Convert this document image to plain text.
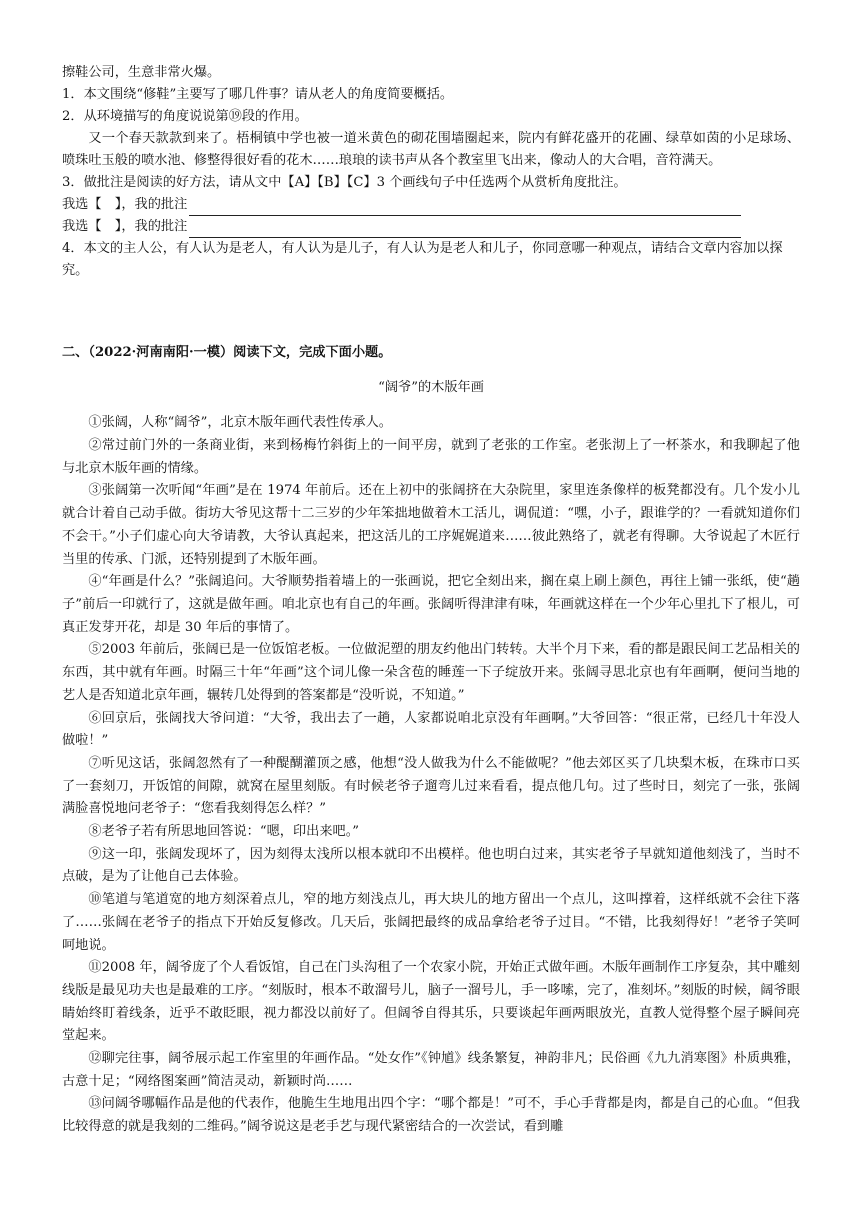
擦鞋公司，生意非常火爆。

1．本文围绕“修鞋”主要写了哪几件事？请从老人的角度简要概括。

2．从环境描写的角度说说第⑲段的作用。

又一个春天款款到来了。梧桐镇中学也被一道米黄色的砌花围墙圈起来，院内有鲜花盛开的花圃、绿草如茵的小足球场、喷珠吐玉般的喷水池、修整得很好看的花木……琅琅的读书声从各个教室里飞出来，像动人的大合唱，音符满天。

3．做批注是阅读的好方法，请从文中【A】【B】【C】3 个画线句子中任选两个从赏析角度批注。

我选【　】，我的批注
我选【　】，我的批注

4．本文的主人公，有人认为是老人，有人认为是儿子，有人认为是老人和儿子，你同意哪一种观点，请结合文章内容加以探究。

二、（2022·河南南阳·一模）阅读下文，完成下面小题。

“阔爷”的木版年画

①张阔，人称“阔爷”，北京木版年画代表性传承人。

②常过前门外的一条商业街，来到杨梅竹斜街上的一间平房，就到了老张的工作室。老张沏上了一杯茶水，和我聊起了他与北京木版年画的情缘。

③张阔第一次听闻“年画”是在 1974 年前后。还在上初中的张阔挤在大杂院里，家里连条像样的板凳都没有。几个发小儿就合计着自己动手做。街坊大爷见这帮十二三岁的少年笨拙地做着木工活儿，调侃道：“嘿，小子，跟谁学的？一看就知道你们不会干。”小子们虚心向大爷请教，大爷认真起来，把这活儿的工序娓娓道来……彼此熟络了，就老有得聊。大爷说起了木匠行当里的传承、门派，还特别提到了木版年画。

④“年画是什么？”张阔追问。大爷顺势指着墙上的一张画说，把它全刻出来，搁在桌上刷上颜色，再往上铺一张纸，使“趟子”前后一印就行了，这就是做年画。咱北京也有自己的年画。张阔听得津津有味，年画就这样在一个少年心里扎下了根儿，可真正发芽开花，却是 30 年后的事情了。

⑤2003 年前后，张阔已是一位饭馆老板。一位做泥塑的朋友约他出门转转。大半个月下来，看的都是跟民间工艺品相关的东西，其中就有年画。时隔三十年“年画”这个词儿像一朵含苞的睡莲一下子绽放开来。张阔寻思北京也有年画啊，便问当地的艺人是否知道北京年画，辗转几处得到的答案都是“没听说，不知道。”

⑥回京后，张阔找大爷问道：“大爷，我出去了一趟，人家都说咱北京没有年画啊。”大爷回答：“很正常，已经几十年没人做啦！”

⑦听见这话，张阔忽然有了一种醍醐灌顶之感，他想“没人做我为什么不能做呢？”他去郊区买了几块梨木板，在珠市口买了一套刻刀，开饭馆的间隙，就窝在屋里刻版。有时候老爷子遛弯儿过来看看，提点他几句。过了些时日，刻完了一张，张阔满脸喜悦地问老爷子：“您看我刻得怎么样？”

⑧老爷子若有所思地回答说：“嗯，印出来吧。”

⑨这一印，张阔发现坏了，因为刻得太浅所以根本就印不出模样。他也明白过来，其实老爷子早就知道他刻浅了，当时不点破，是为了让他自己去体验。

⑩笔道与笔道宽的地方刻深着点儿，窄的地方刻浅点儿，再大块儿的地方留出一个点儿，这叫撑着，这样纸就不会往下落了……张阔在老爷子的指点下开始反复修改。几天后，张阔把最终的成品拿给老爷子过目。“不错，比我刻得好！”老爷子笑呵呵地说。

⑪2008 年，阔爷庞了个人看饭馆，自己在门头沟租了一个农家小院，开始正式做年画。木版年画制作工序复杂，其中雕刻线版是最见功夫也是最难的工序。“刻版时，根本不敢溜号儿，脑子一溜号儿，手一哆嗦，完了，准刻坏。”刻版的时候，阔爷眼睛始终盯着线条，近乎不敢眨眼，视力都没以前好了。但阔爷自得其乐，只要谈起年画两眼放光，直教人觉得整个屋子瞬间亮堂起来。

⑫聊完往事，阔爷展示起工作室里的年画作品。“处女作”《钟馗》线条繁复，神韵非凡；民俗画《九九消寒图》朴质典雅，古意十足；“网络图案画”简洁灵动，新颖时尚……

⑬问阔爷哪幅作品是他的代表作，他脆生生地甩出四个字：“哪个都是！”可不，手心手背都是肉，都是自己的心血。“但我比较得意的就是我刻的二维码。”阔爷说这是老手艺与现代紧密结合的一次尝试，看到雕
